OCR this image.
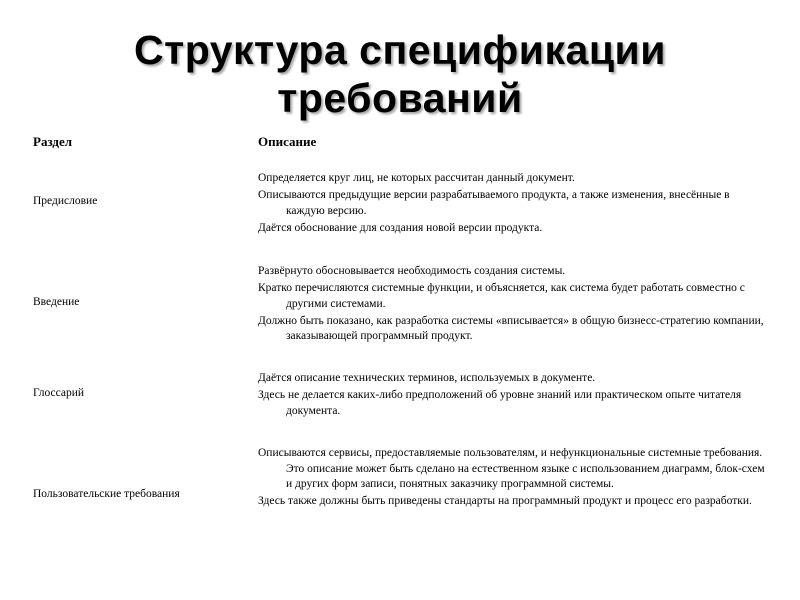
Структура спецификации
требований
Раздел	Описание
Предисловие

Определяется круг лиц, не которых рассчитан данный документ.

Описываются предыдущие версии разрабатываемого продукта, а также изменения, внесённые в каждую версию.

Даётся обоснование для создания новой версии продукта.

Введение

Развёрнуто обосновывается необходимость создания системы.

Кратко перечисляются системные функции, и объясняется, как система будет работать совместно с другими системами.

Должно быть показано, как разработка системы «вписывается» в общую бизнесс-стратегию компании, заказывающей программный продукт.

Глоссарий

Даётся описание технических терминов, используемых в документе.

Здесь не делается каких-либо предположений об уровне знаний или практическом опыте читателя документа.

Пользовательские требования

Описываются сервисы, предоставляемые пользователям, и нефункциональные системные требования. Это описание может быть сделано на естественном языке с использованием диаграмм, блок-схем и других форм записи, понятных заказчику программной системы.

Здесь также должны быть приведены стандарты на программный продукт и процесс его разработки.
